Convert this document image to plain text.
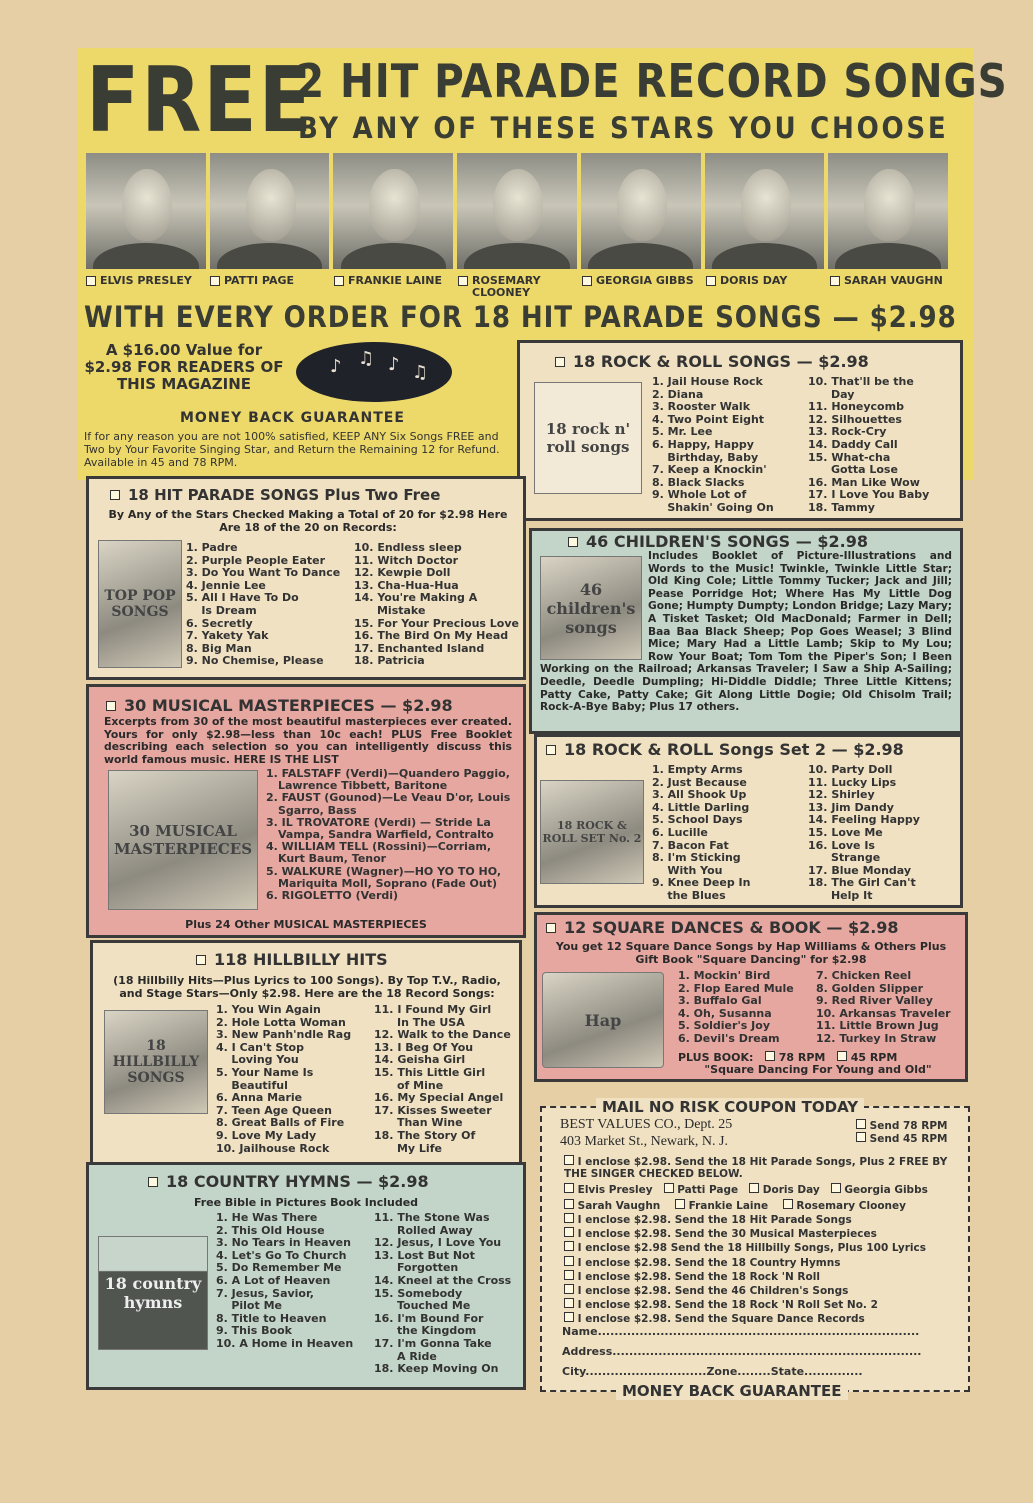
FREE
2 HIT PARADE RECORD SONGS
BY ANY OF THESE STARS YOU CHOOSE
ELVIS PRESLEY	PATTI PAGE	FRANKIE LAINE	ROSEMARY CLOONEY
GEORGIA GIBBS DORIS DAY	SARAH VAUGHN
WITH EVERY ORDER FOR 18 HIT PARADE SONGS — $2.98
A $16.00 Value for $2.98 FOR READERS OF THIS MAGAZINE
♪ ♫ ♪ ♫
MONEY BACK GUARANTEE
If for any reason you are not 100% satisfied, KEEP ANY Six Songs FREE and Two by Your Favorite Singing Star, and Return the Remaining 12 for Refund. Available in 45 and 78 RPM.
18 ROCK & ROLL SONGS — $2.98
18 rock n' roll songs
1. Jail House Rock
2. Diana
3. Rooster Walk
4. Two Point Eight
5. Mr. Lee
6. Happy, Happy
Birthday, Baby
7. Keep a Knockin'
8. Black Slacks
9. Whole Lot of
Shakin' Going On
10. That'll be the
Day
11. Honeycomb
12. Silhouettes
13. Rock-Cry
14. Daddy Call
15. What-cha
Gotta Lose
16. Man Like Wow
17. I Love You Baby
18. Tammy
18 HIT PARADE SONGS Plus Two Free
By Any of the Stars Checked Making a Total of 20 for $2.98 Here Are 18 of the 20 on Records:
TOP POP SONGS
1. Padre
2. Purple People Eater
3. Do You Want To Dance
4. Jennie Lee
5. All I Have To Do
Is Dream
6. Secretly
7. Yakety Yak
8. Big Man
9. No Chemise, Please
10. Endless sleep
11. Witch Doctor
12. Kewpie Doll
13. Cha-Hua-Hua
14. You're Making A
Mistake
15. For Your Precious Love
16. The Bird On My Head
17. Enchanted Island
18. Patricia
46 CHILDREN'S SONGS — $2.98
46 children's songs
Includes Booklet of Picture-Illustrations and Words to the Music! Twinkle, Twinkle Little Star; Old King Cole; Little Tommy Tucker; Jack and Jill; Pease Porridge Hot; Where Has My Little Dog Gone; Humpty Dumpty; London Bridge; Lazy Mary; A Tisket Tasket; Old MacDonald; Farmer in Dell; Baa Baa Black Sheep; Pop Goes Weasel; 3 Blind Mice; Mary Had a Little Lamb; Skip to My Lou; Row Your Boat; Tom Tom the Piper's Son; I Been Working on the Railroad; Arkansas Traveler; I Saw a Ship A-Sailing; Deedle, Deedle Dumpling; Hi-Diddle Diddle; Three Little Kittens; Patty Cake, Patty Cake; Git Along Little Dogie; Old Chisolm Trail; Rock-A-Bye Baby; Plus 17 others.
30 MUSICAL MASTERPIECES — $2.98
Excerpts from 30 of the most beautiful masterpieces ever created. Yours for only $2.98—less than 10c each! PLUS Free Booklet describing each selection so you can intelligently discuss this world famous music. HERE IS THE LIST
30 MUSICAL MASTERPIECES
1. FALSTAFF (Verdi)—Quandero Paggio, Lawrence Tibbett, Baritone
2. FAUST (Gounod)—Le Veau D'or, Louis Sgarro, Bass
3. IL TROVATORE (Verdi) — Stride La Vampa, Sandra Warfield, Contralto
4. WILLIAM TELL (Rossini)—Corriam, Kurt Baum, Tenor
5. WALKURE (Wagner)—HO YO TO HO, Mariquita Moll, Soprano (Fade Out)
6. RIGOLETTO (Verdi)
Plus 24 Other MUSICAL MASTERPIECES
18 ROCK & ROLL Songs Set 2 — $2.98
18 ROCK & ROLL SET No. 2
1. Empty Arms
2. Just Because
3. All Shook Up
4. Little Darling
5. School Days
6. Lucille
7. Bacon Fat
8. I'm Sticking
With You
9. Knee Deep In
the Blues
10. Party Doll
11. Lucky Lips
12. Shirley
13. Jim Dandy
14. Feeling Happy
15. Love Me
16. Love Is
Strange
17. Blue Monday
18. The Girl Can't
Help It
118 HILLBILLY HITS
(18 Hillbilly Hits—Plus Lyrics to 100 Songs). By Top T.V., Radio, and Stage Stars—Only $2.98. Here are the 18 Record Songs:
18 HILLBILLY SONGS
1. You Win Again
2. Hole Lotta Woman
3. New Panh'ndle Rag
4. I Can't Stop
Loving You
5. Your Name Is
Beautiful
6. Anna Marie
7. Teen Age Queen
8. Great Balls of Fire
9. Love My Lady
10. Jailhouse Rock
11. I Found My Girl
In The USA
12. Walk to the Dance
13. I Beg Of You
14. Geisha Girl
15. This Little Girl
of Mine
16. My Special Angel
17. Kisses Sweeter
Than Wine
18. The Story Of
My Life
12 SQUARE DANCES & BOOK — $2.98
You get 12 Square Dance Songs by Hap Williams & Others Plus Gift Book "Square Dancing" for $2.98
Hap
1. Mockin' Bird
2. Flop Eared Mule
3. Buffalo Gal
4. Oh, Susanna
5. Soldier's Joy
6. Devil's Dream
7. Chicken Reel
8. Golden Slipper
9. Red River Valley
10. Arkansas Traveler
11. Little Brown Jug
12. Turkey In Straw
PLUS BOOK: 78 RPM 45 RPM
"Square Dancing For Young and Old"
18 COUNTRY HYMNS — $2.98
Free Bible in Pictures Book Included
18 country hymns
1. He Was There
2. This Old House
3. No Tears in Heaven
4. Let's Go To Church
5. Do Remember Me
6. A Lot of Heaven
7. Jesus, Savior,
Pilot Me
8. Title to Heaven
9. This Book
10. A Home in Heaven
11. The Stone Was
Rolled Away
12. Jesus, I Love You
13. Lost But Not
Forgotten
14. Kneel at the Cross
15. Somebody
Touched Me
16. I'm Bound For
the Kingdom
17. I'm Gonna Take
A Ride
18. Keep Moving On
MAIL NO RISK COUPON TODAY
BEST VALUES CO., Dept. 25
403 Market St., Newark, N. J.
Send 78 RPM
Send 45 RPM
I enclose $2.98. Send the 18 Hit Parade Songs, Plus 2 FREE BY THE SINGER CHECKED BELOW.
Elvis Presley Patti Page Doris Day Georgia Gibbs
Sarah Vaughn	Frankie Laine	Rosemary Clooney
I enclose $2.98. Send the 18 Hit Parade Songs
I enclose $2.98. Send the 30 Musical Masterpieces
I enclose $2.98 Send the 18 Hillbilly Songs, Plus 100 Lyrics
I enclose $2.98. Send the 18 Country Hymns
I enclose $2.98. Send the 18 Rock 'N Roll
I enclose $2.98. Send the 46 Children's Songs
I enclose $2.98. Send the 18 Rock 'N Roll Set No. 2
I enclose $2.98. Send the Square Dance Records
Name.............................................................................
Address..........................................................................
City.............................Zone........State..............
MONEY BACK GUARANTEE
